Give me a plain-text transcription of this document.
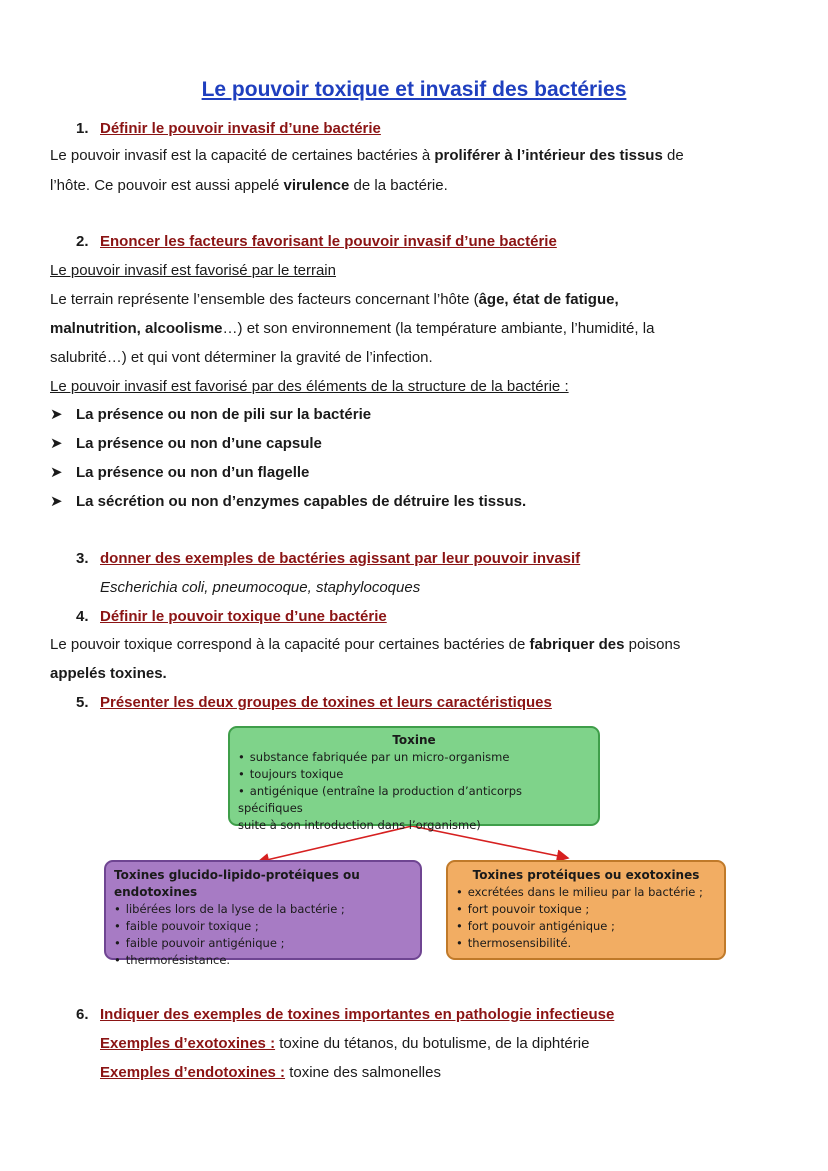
Le pouvoir toxique et invasif des bactéries
1. Définir le pouvoir invasif d’une bactérie
Le pouvoir invasif est la capacité de certaines bactéries à proliférer à l’intérieur des tissus de
l’hôte. Ce pouvoir est aussi appelé virulence de la bactérie.
2. Enoncer les facteurs favorisant le pouvoir invasif d’une bactérie
Le pouvoir invasif est favorisé par le terrain
Le terrain représente l’ensemble des facteurs concernant l’hôte (âge, état de fatigue,
malnutrition, alcoolisme…) et son environnement (la température ambiante, l’humidité, la
salubrité…) et qui vont déterminer la gravité de l’infection.
Le pouvoir invasif est favorisé par des éléments de la structure de la bactérie :
➤ La présence ou non de pili sur la bactérie
➤ La présence ou non d’une capsule
➤ La présence ou non d’un flagelle
➤ La sécrétion ou non d’enzymes capables de détruire les tissus.
3. donner des exemples de bactéries agissant par leur pouvoir invasif
Escherichia coli, pneumocoque, staphylocoques
4. Définir le pouvoir toxique d’une bactérie
Le pouvoir toxique correspond à la capacité pour certaines bactéries de fabriquer des poisons
appelés toxines.
5. Présenter les deux groupes de toxines et leurs caractéristiques
Toxine
• substance fabriquée par un micro-organisme
• toujours toxique
• antigénique (entraîne la production d’anticorps spécifiques
suite à son introduction dans l’organisme)
Toxines glucido-lipido-protéiques ou endotoxines
• libérées lors de la lyse de la bactérie ;
• faible pouvoir toxique ;
• faible pouvoir antigénique ;
• thermorésistance.
Toxines protéiques ou exotoxines
• excrétées dans le milieu par la bactérie ;
• fort pouvoir toxique ;
• fort pouvoir antigénique ;
• thermosensibilité.
6. Indiquer des exemples de toxines importantes en pathologie infectieuse
Exemples d’exotoxines : toxine du tétanos, du botulisme, de la diphtérie
Exemples d’endotoxines : toxine des salmonelles
